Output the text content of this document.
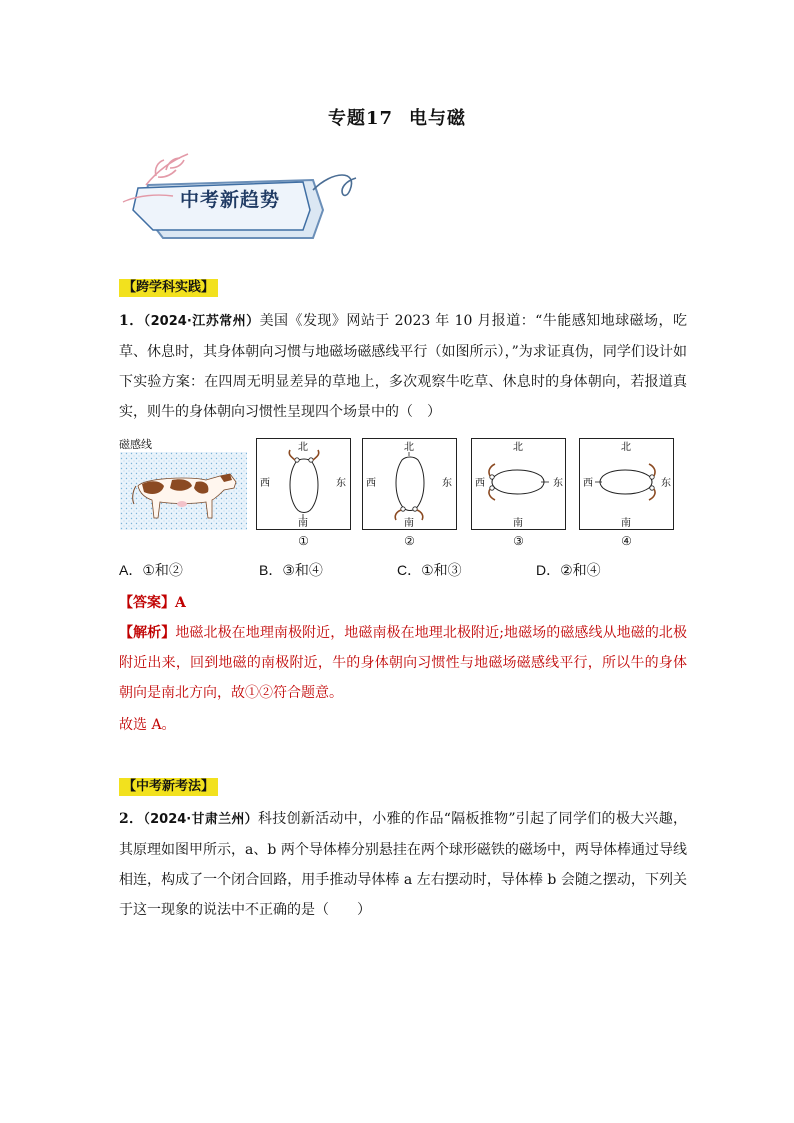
专题17 电与磁
中考新趋势
【跨学科实践】
1．（2024·江苏常州）美国《发现》网站于 2023 年 10 月报道：“牛能感知地球磁场，吃草、休息时，其身体朝向习惯与地磁场磁感线平行（如图所示），”为求证真伪，同学们设计如下实验方案：在四周无明显差异的草地上，多次观察牛吃草、休息时的身体朝向，若报道真实，则牛的身体朝向习惯性呈现四个场景中的（　）
磁感线	北
南
西	东
①
北
南
西	东
②
北
南
西	东
③
北
南
西	东
④
A．①和②	B．③和④	C．①和③	D．②和④
【答案】A
【解析】地磁北极在地理南极附近，地磁南极在地理北极附近;地磁场的磁感线从地磁的北极附近出来，回到地磁的南极附近，牛的身体朝向习惯性与地磁场磁感线平行，所以牛的身体朝向是南北方向，故①②符合题意。
故选 A。
【中考新考法】
2．（2024·甘肃兰州）科技创新活动中，小雅的作品“隔板推物”引起了同学们的极大兴趣，其原理如图甲所示，a、b 两个导体棒分别悬挂在两个球形磁铁的磁场中，两导体棒通过导线相连，构成了一个闭合回路，用手推动导体棒 a 左右摆动时，导体棒 b 会随之摆动，下列关于这一现象的说法中不正确的是（　　）
